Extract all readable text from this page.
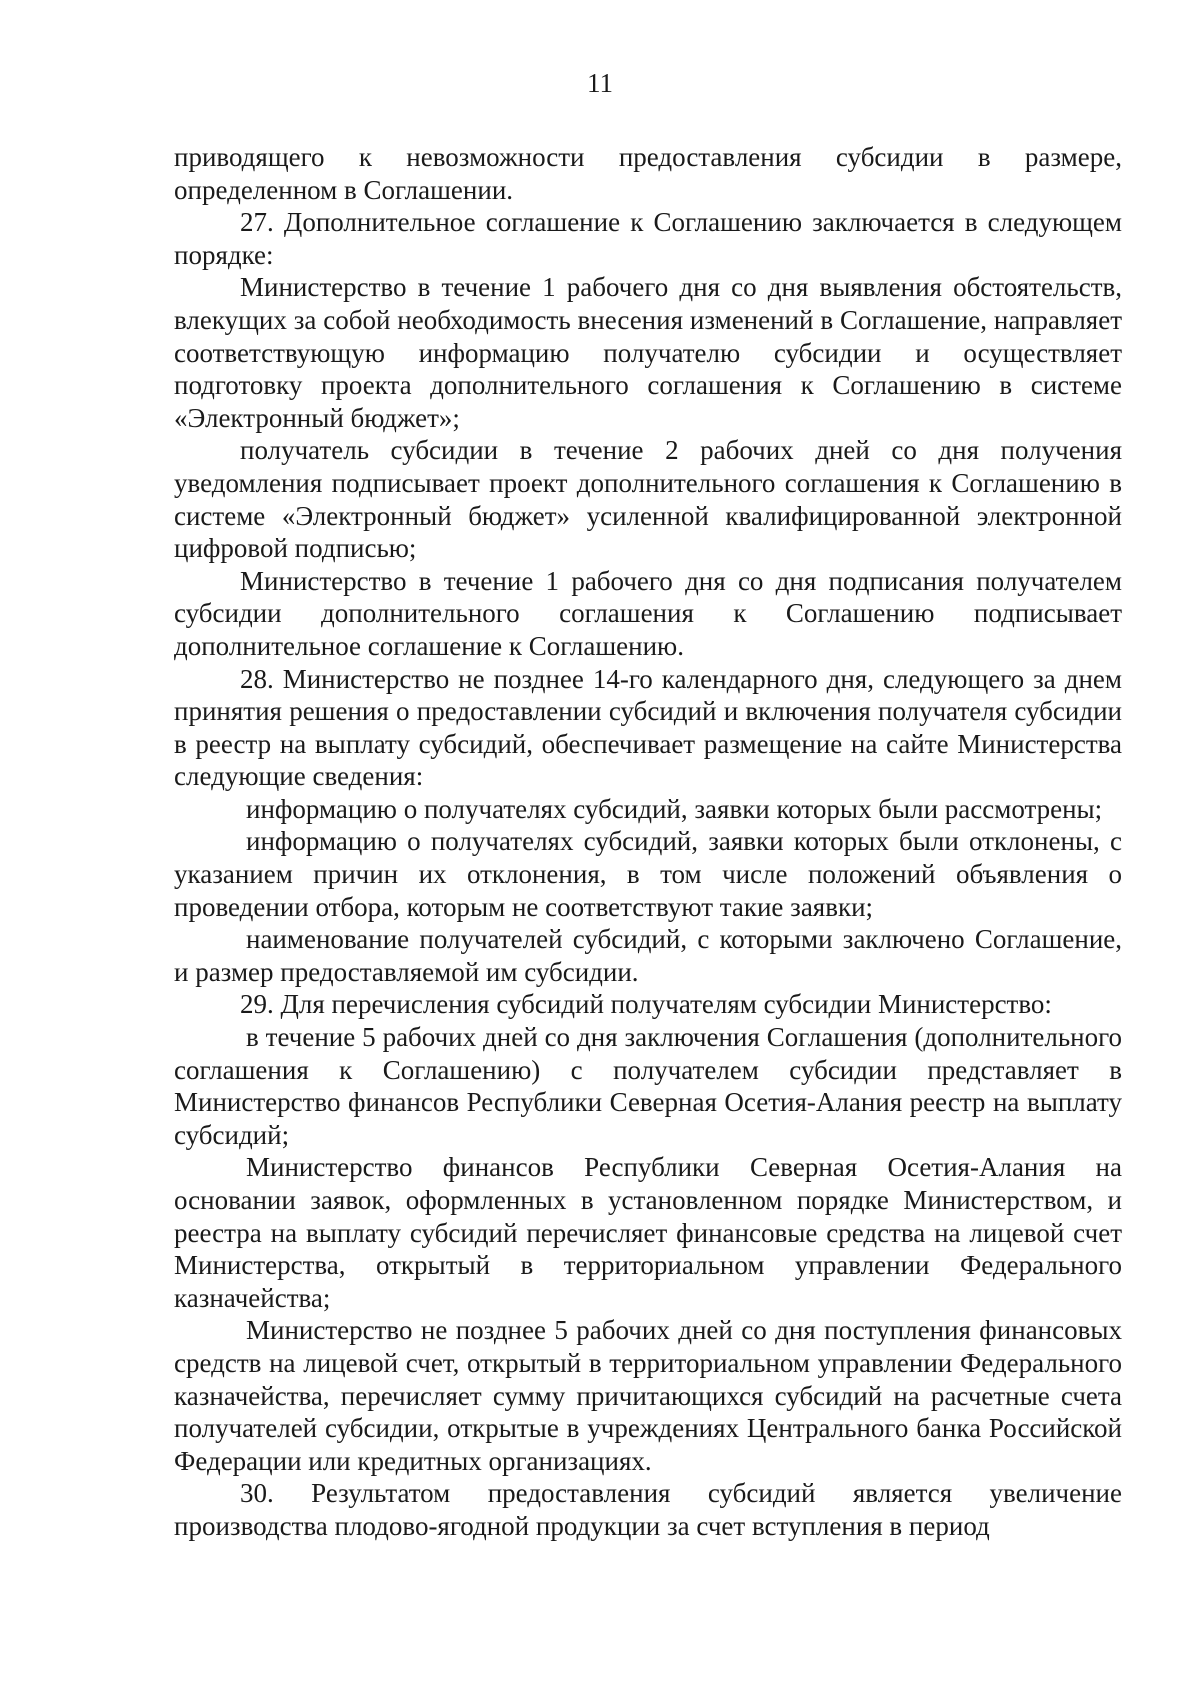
11

приводящего к невозможности предоставления субсидии в размере, определенном в Соглашении.

27. Дополнительное соглашение к Соглашению заключается в следующем порядке:

Министерство в течение 1 рабочего дня со дня выявления обстоятельств, влекущих за собой необходимость внесения изменений в Соглашение, направляет соответствующую информацию получателю субсидии и осуществляет подготовку проекта дополнительного соглашения к Соглашению в системе «Электронный бюджет»;

получатель субсидии в течение 2 рабочих дней со дня получения уведомления подписывает проект дополнительного соглашения к Соглашению в системе «Электронный бюджет» усиленной квалифицированной электронной цифровой подписью;

Министерство в течение 1 рабочего дня со дня подписания получателем субсидии дополнительного соглашения к Соглашению подписывает дополнительное соглашение к Соглашению.

28. Министерство не позднее 14-го календарного дня, следующего за днем принятия решения о предоставлении субсидий и включения получателя субсидии в реестр на выплату субсидий, обеспечивает размещение на сайте Министерства следующие сведения:

информацию о получателях субсидий, заявки которых были рассмотрены;

информацию о получателях субсидий, заявки которых были отклонены, с указанием причин их отклонения, в том числе положений объявления о проведении отбора, которым не соответствуют такие заявки;

наименование получателей субсидий, с которыми заключено Соглашение, и размер предоставляемой им субсидии.

29. Для перечисления субсидий получателям субсидии Министерство:

в течение 5 рабочих дней со дня заключения Соглашения (дополнительного соглашения к Соглашению) с получателем субсидии представляет в Министерство финансов Республики Северная Осетия-Алания реестр на выплату субсидий;

Министерство финансов Республики Северная Осетия-Алания на основании заявок, оформленных в установленном порядке Министерством, и реестра на выплату субсидий перечисляет финансовые средства на лицевой счет Министерства, открытый в территориальном управлении Федерального казначейства;

Министерство не позднее 5 рабочих дней со дня поступления финансовых средств на лицевой счет, открытый в территориальном управлении Федерального казначейства, перечисляет сумму причитающихся субсидий на расчетные счета получателей субсидии, открытые в учреждениях Центрального банка Российской Федерации или кредитных организациях.

30. Результатом предоставления субсидий является увеличение производства плодово-ягодной продукции за счет вступления в период
